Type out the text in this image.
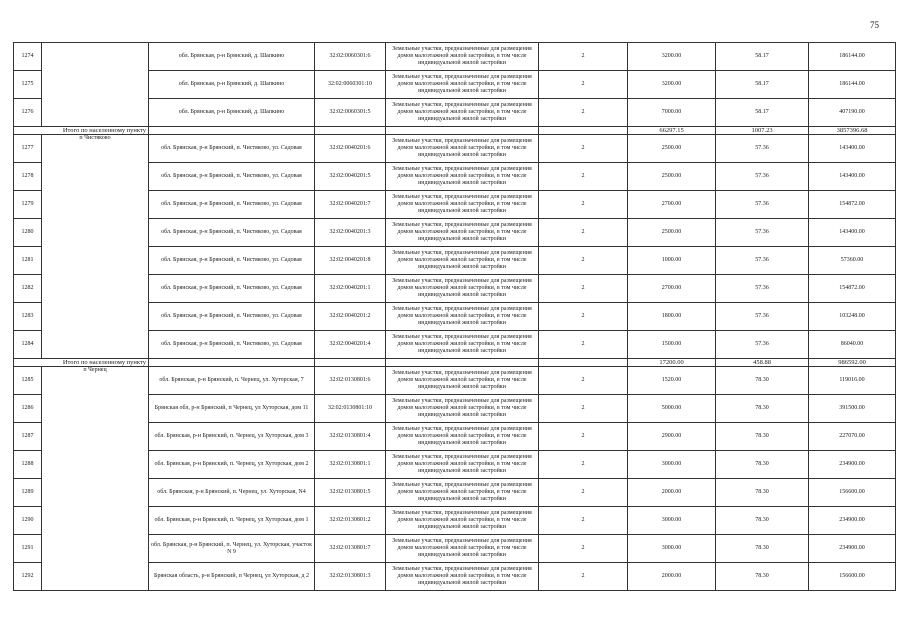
75
1274		обл. Брянская, р-н Брянский, д. Шапкино	32:02:0060301:6	Земельные участки, предназначенные для размещения домов малоэтажной жилой застройки, в том числе индивидуальной жилой застройки	2	3200.00	58.17	186144.00
1275		обл. Брянская, р-н Брянский, д. Шапкино	32:02:0060301:10	Земельные участки, предназначенные для размещения домов малоэтажной жилой застройки, в том числе индивидуальной жилой застройки	2	3200.00	58.17	186144.00
1276		обл. Брянская, р-н Брянский, д. Шапкино	32:02:0060301:5	Земельные участки, предназначенные для размещения домов малоэтажной жилой застройки, в том числе индивидуальной жилой застройки	2	7000.00	58.17	407190.00
Итого по населенному пункту						66297.15	1007.23	3857396.68
1277	п Чистяково	обл. Брянская, р-н Брянский, п. Чистяково, ул. Садовая	32:02:0040201:6	Земельные участки, предназначенные для размещения домов малоэтажной жилой застройки, в том числе индивидуальной жилой застройки	2	2500.00	57.36	143400.00
1278		обл. Брянская, р-н Брянский, п. Чистяково, ул. Садовая	32:02:0040201:5	Земельные участки, предназначенные для размещения домов малоэтажной жилой застройки, в том числе индивидуальной жилой застройки	2	2500.00	57.36	143400.00
1279		обл. Брянская, р-н Брянский, п. Чистяково, ул. Садовая	32:02:0040201:7	Земельные участки, предназначенные для размещения домов малоэтажной жилой застройки, в том числе индивидуальной жилой застройки	2	2700.00	57.36	154872.00
1280		обл. Брянская, р-н Брянский, п. Чистяково, ул. Садовая	32:02:0040201:3	Земельные участки, предназначенные для размещения домов малоэтажной жилой застройки, в том числе индивидуальной жилой застройки	2	2500.00	57.36	143400.00
1281		обл. Брянская, р-н Брянский, п. Чистяково, ул. Садовая	32:02:0040201:8	Земельные участки, предназначенные для размещения домов малоэтажной жилой застройки, в том числе индивидуальной жилой застройки	2	1000.00	57.36	57360.00
1282		обл. Брянская, р-н Брянский, п. Чистяково, ул. Садовая	32:02:0040201:1	Земельные участки, предназначенные для размещения домов малоэтажной жилой застройки, в том числе индивидуальной жилой застройки	2	2700.00	57.36	154872.00
1283		обл. Брянская, р-н Брянский, п. Чистяково, ул. Садовая	32:02:0040201:2	Земельные участки, предназначенные для размещения домов малоэтажной жилой застройки, в том числе индивидуальной жилой застройки	2	1800.00	57.36	103248.00
1284		обл. Брянская, р-н Брянский, п. Чистяково, ул. Садовая	32:02:0040201:4	Земельные участки, предназначенные для размещения домов малоэтажной жилой застройки, в том числе индивидуальной жилой застройки	2	1500.00	57.36	86040.00
Итого по населенному пункту						17200.00	458.88	986592.00
1285	п Чернец	обл. Брянская, р-н Брянский, п. Чернец, ул. Хуторская, 7	32:02:0130801:6	Земельные участки, предназначенные для размещения домов малоэтажной жилой застройки, в том числе индивидуальной жилой застройки	2	1520.00	78.30	119016.00
1286		Брянская обл, р-н Брянский, п Чернец, ул Хуторская, дом 11	32:02:0130801:10	Земельные участки, предназначенные для размещения домов малоэтажной жилой застройки, в том числе индивидуальной жилой застройки	2	5000.00	78.30	391500.00
1287		обл. Брянская, р-н Брянский, п. Чернец, ул Хуторская, дом 3	32:02:0130801:4	Земельные участки, предназначенные для размещения домов малоэтажной жилой застройки, в том числе индивидуальной жилой застройки	2	2900.00	78.30	227070.00
1288		обл. Брянская, р-н Брянский, п. Чернец, ул Хуторская, дом 2	32:02:0130801:1	Земельные участки, предназначенные для размещения домов малоэтажной жилой застройки, в том числе индивидуальной жилой застройки	2	3000.00	78.30	234900.00
1289		обл. Брянская, р-н Брянский, п. Чернец, ул. Хуторская, N4	32:02:0130801:5	Земельные участки, предназначенные для размещения домов малоэтажной жилой застройки, в том числе индивидуальной жилой застройки	2	2000.00	78.30	156600.00
1290		обл. Брянская, р-н Брянский, п. Чернец, ул Хуторская, дом 1	32:02:0130801:2	Земельные участки, предназначенные для размещения домов малоэтажной жилой застройки, в том числе индивидуальной жилой застройки	2	3000.00	78.30	234900.00
1291		обл. Брянская, р-н Брянский, п. Чернец, ул. Хуторская, участок N 9	32:02:0130801:7	Земельные участки, предназначенные для размещения домов малоэтажной жилой застройки, в том числе индивидуальной жилой застройки	2	3000.00	78.30	234900.00
1292		Брянская область, р-н Брянский, п Чернец, ул Хуторская, д 2	32:02:0130801:3	Земельные участки, предназначенные для размещения домов малоэтажной жилой застройки, в том числе индивидуальной жилой застройки	2	2000.00	78.30	156600.00
